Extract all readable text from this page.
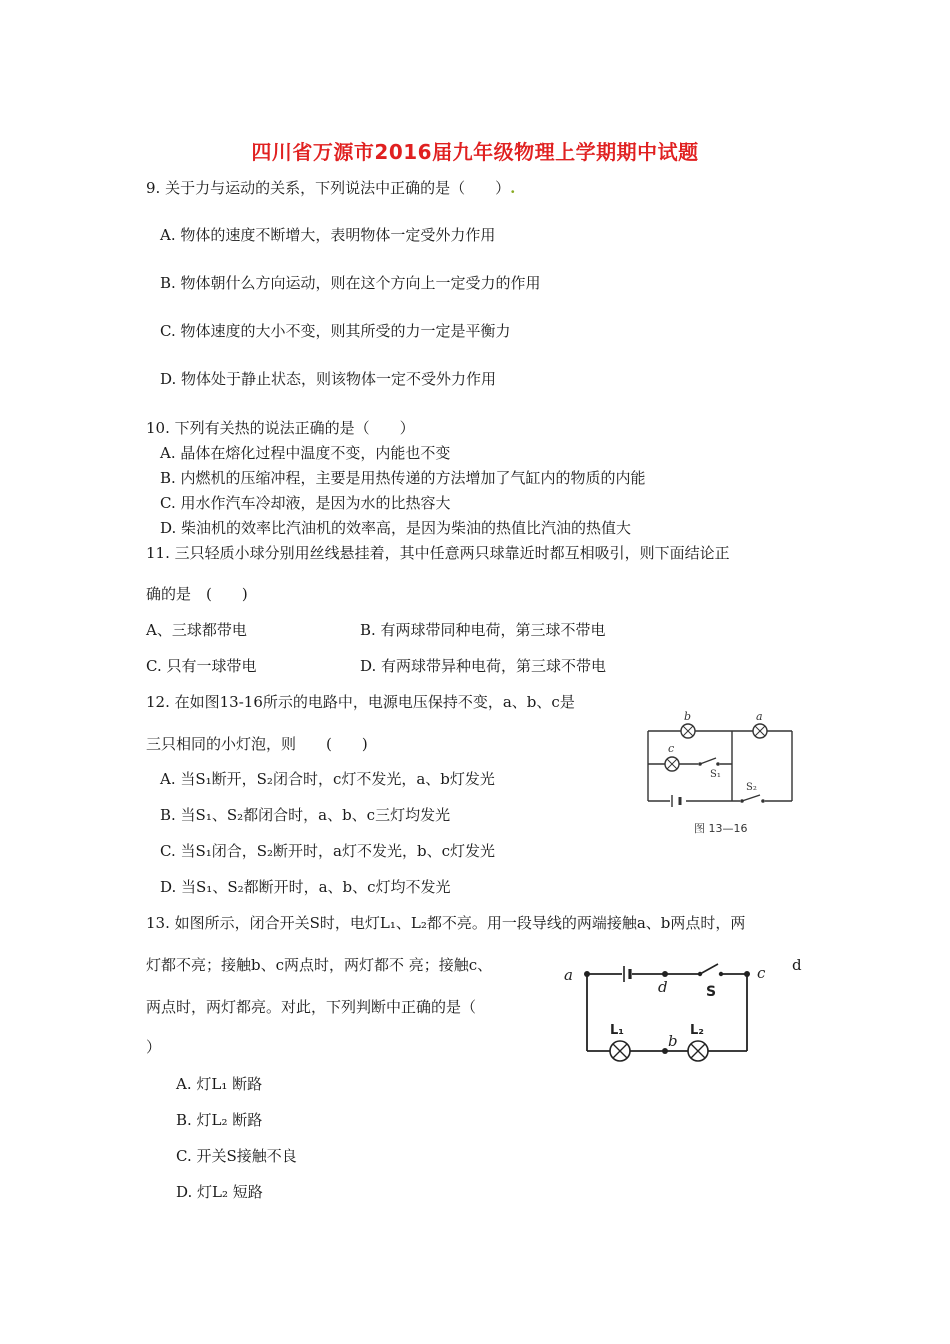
四川省万源市2016届九年级物理上学期期中试题
9. 关于力与运动的关系，下列说法中正确的是（　　）.
A. 物体的速度不断增大，表明物体一定受外力作用
B. 物体朝什么方向运动，则在这个方向上一定受力的作用
C. 物体速度的大小不变，则其所受的力一定是平衡力
D. 物体处于静止状态，则该物体一定不受外力作用
10. 下列有关热的说法正确的是（　　）
A. 晶体在熔化过程中温度不变，内能也不变
B. 内燃机的压缩冲程，主要是用热传递的方法增加了气缸内的物质的内能
C. 用水作汽车冷却液，是因为水的比热容大
D. 柴油机的效率比汽油机的效率高，是因为柴油的热值比汽油的热值大
11. 三只轻质小球分别用丝线悬挂着，其中任意两只球靠近时都互相吸引，则下面结论正
确的是　(　　)
A、三球都带电	B. 有两球带同种电荷，第三球不带电
C. 只有一球带电	D. 有两球带异种电荷，第三球不带电
12. 在如图13-16所示的电路中，电源电压保持不变，a、b、c是
三只相同的小灯泡，则　　(　　)
A. 当S₁断开，S₂闭合时，c灯不发光，a、b灯发光
B. 当S₁、S₂都闭合时，a、b、c三灯均发光
C. 当S₁闭合，S₂断开时，a灯不发光，b、c灯发光
D. 当S₁、S₂都断开时，a、b、c灯均不发光
b	a
c
S₁
S₂
图 13—16
13. 如图所示，闭合开关S时，电灯L₁、L₂都不亮。用一段导线的两端接触a、b两点时，两
灯都不亮；接触b、c两点时，两灯都不 亮；接触c、	d
两点时，两灯都亮。对此，下列判断中正确的是（
）
A. 灯L₁ 断路
B. 灯L₂ 断路
C. 开关S接触不良
D. 灯L₂ 短路
a
d	S
c
L₁	L₂
b
